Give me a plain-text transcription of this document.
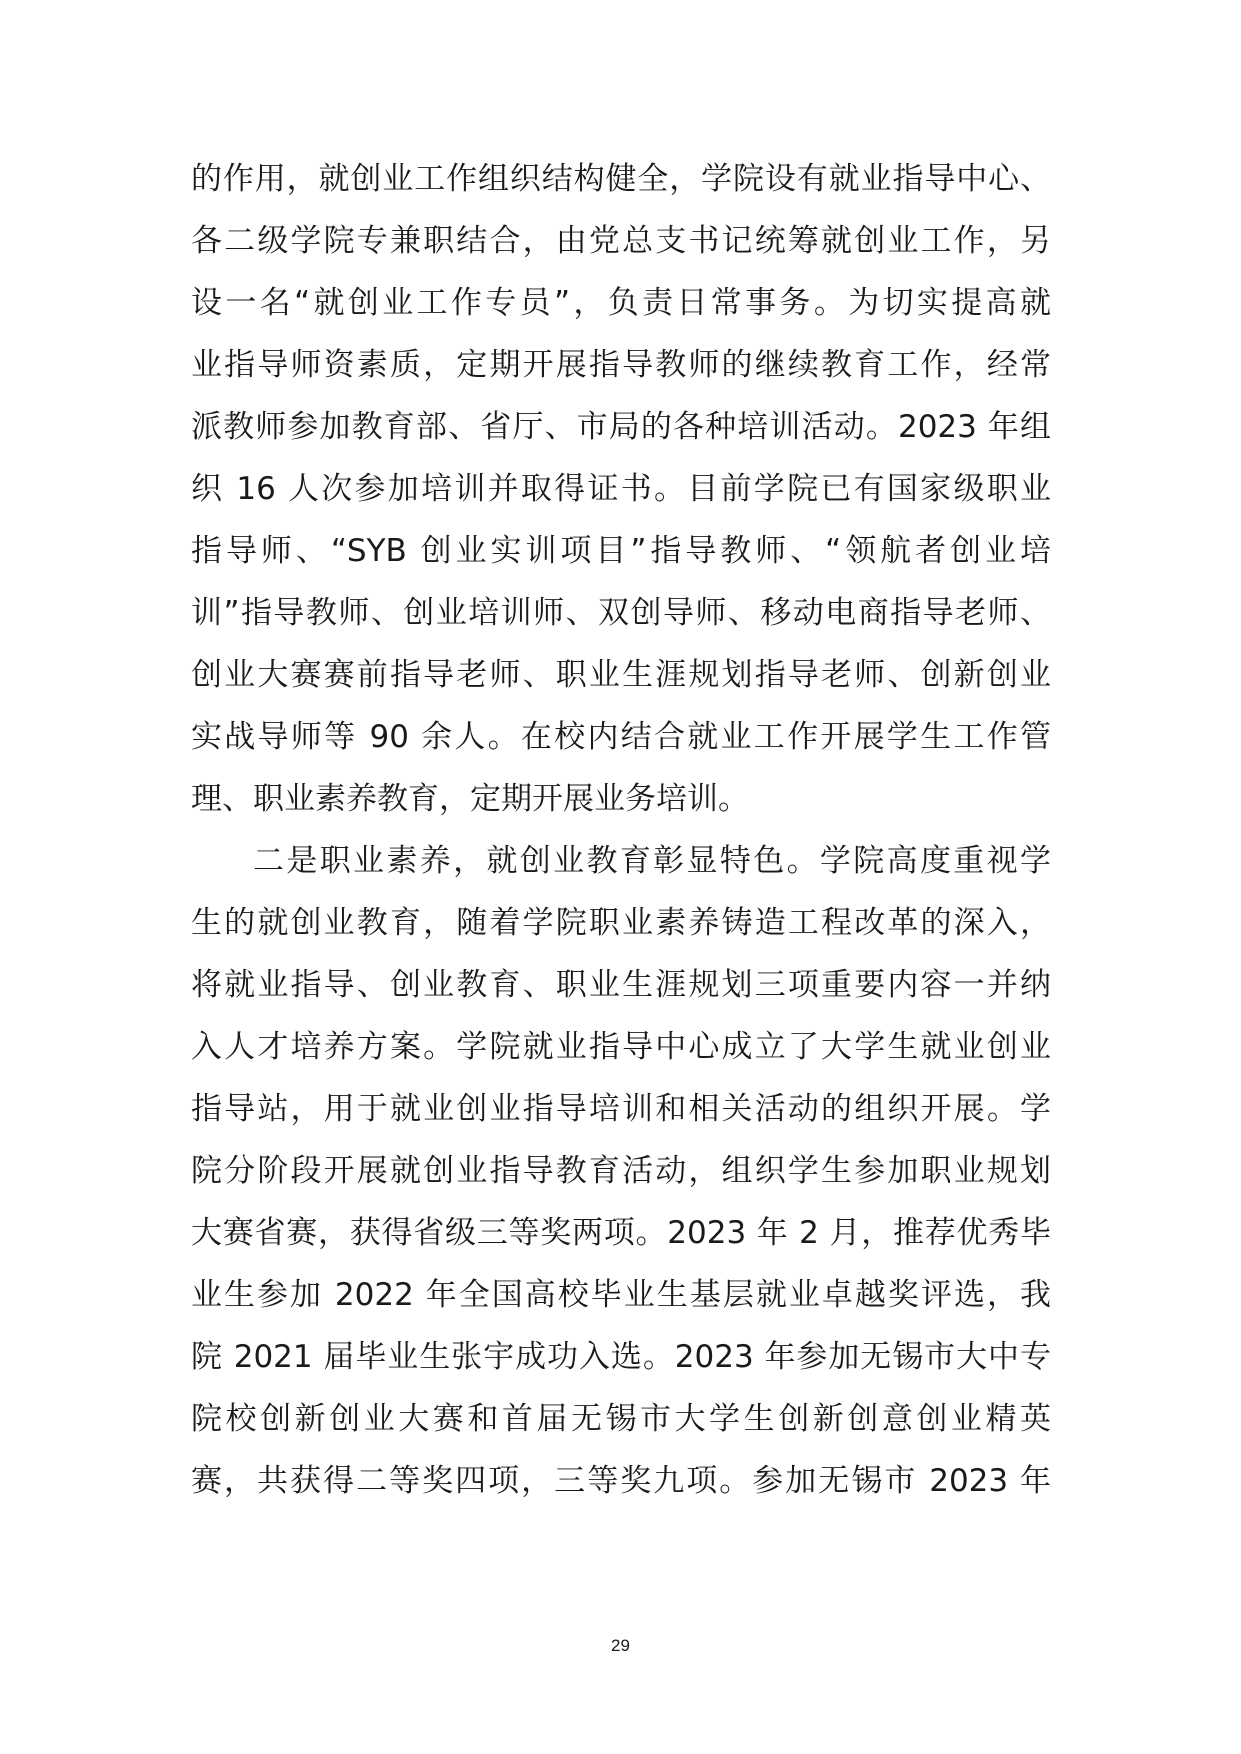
的作用，就创业工作组织结构健全，学院设有就业指导中心、
各二级学院专兼职结合，由党总支书记统筹就创业工作，另
设一名“就创业工作专员”，负责日常事务。为切实提高就
业指导师资素质，定期开展指导教师的继续教育工作，经常
派教师参加教育部、省厅、市局的各种培训活动。2023 年组
织 16 人次参加培训并取得证书。目前学院已有国家级职业
指导师、“SYB 创业实训项目”指导教师、“领航者创业培
训”指导教师、创业培训师、双创导师、移动电商指导老师、
创业大赛赛前指导老师、职业生涯规划指导老师、创新创业
实战导师等 90 余人。在校内结合就业工作开展学生工作管
理、职业素养教育，定期开展业务培训。
二是职业素养，就创业教育彰显特色。学院高度重视学
生的就创业教育，随着学院职业素养铸造工程改革的深入，
将就业指导、创业教育、职业生涯规划三项重要内容一并纳
入人才培养方案。学院就业指导中心成立了大学生就业创业
指导站，用于就业创业指导培训和相关活动的组织开展。学
院分阶段开展就创业指导教育活动，组织学生参加职业规划
大赛省赛，获得省级三等奖两项。2023 年 2 月，推荐优秀毕
业生参加 2022 年全国高校毕业生基层就业卓越奖评选，我
院 2021 届毕业生张宇成功入选。2023 年参加无锡市大中专
院校创新创业大赛和首届无锡市大学生创新创意创业精英
赛，共获得二等奖四项，三等奖九项。参加无锡市 2023 年
29
